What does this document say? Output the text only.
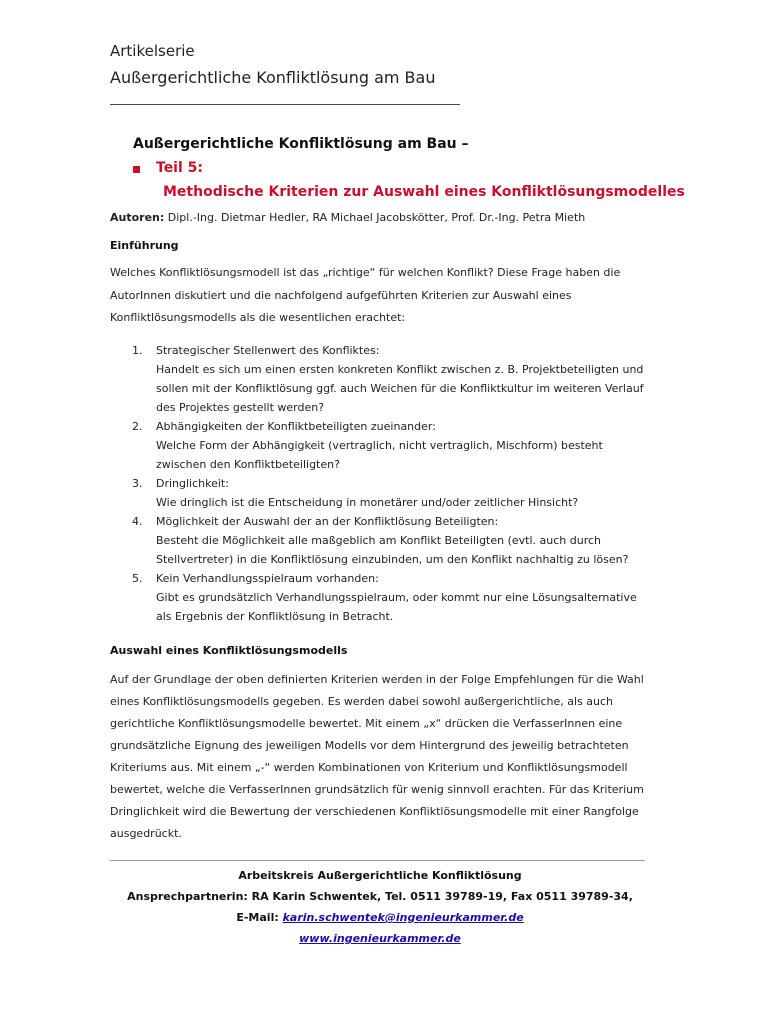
Artikelserie
Außergerichtliche Konfliktlösung am Bau
Außergerichtliche Konfliktlösung am Bau –
Teil 5:
Methodische Kriterien zur Auswahl eines Konfliktlösungsmodelles
Autoren: Dipl.-Ing. Dietmar Hedler, RA Michael Jacobskötter, Prof. Dr.-Ing. Petra Mieth
Einführung
Welches Konfliktlösungsmodell ist das „richtige“ für welchen Konflikt? Diese Frage haben die AutorInnen diskutiert und die nachfolgend aufgeführten Kriterien zur Auswahl eines Konfliktlösungsmodells als die wesentlichen erachtet:
1. Strategischer Stellenwert des Konfliktes:
Handelt es sich um einen ersten konkreten Konflikt zwischen z. B. Projektbeteiligten und sollen mit der Konfliktlösung ggf. auch Weichen für die Konfliktkultur im weiteren Verlauf des Projektes gestellt werden?
2. Abhängigkeiten der Konfliktbeteiligten zueinander:
Welche Form der Abhängigkeit (vertraglich, nicht vertraglich, Mischform) besteht zwischen den Konfliktbeteiligten?
3. Dringlichkeit:
Wie dringlich ist die Entscheidung in monetärer und/oder zeitlicher Hinsicht?
4. Möglichkeit der Auswahl der an der Konfliktlösung Beteiligten:
Besteht die Möglichkeit alle maßgeblich am Konflikt Beteiligten (evtl. auch durch Stellvertreter) in die Konfliktlösung einzubinden, um den Konflikt nachhaltig zu lösen?
5. Kein Verhandlungsspielraum vorhanden:
Gibt es grundsätzlich Verhandlungsspielraum, oder kommt nur eine Lösungsalternative als Ergebnis der Konfliktlösung in Betracht.
Auswahl eines Konfliktlösungsmodells
Auf der Grundlage der oben definierten Kriterien werden in der Folge Empfehlungen für die Wahl eines Konfliktlösungsmodells gegeben. Es werden dabei sowohl außergerichtliche, als auch gerichtliche Konfliktlösungsmodelle bewertet. Mit einem „x“ drücken die VerfasserInnen eine grundsätzliche Eignung des jeweiligen Modells vor dem Hintergrund des jeweilig betrachteten Kriteriums aus. Mit einem „-“ werden Kombinationen von Kriterium und Konfliktlösungsmodell bewertet, welche die VerfasserInnen grundsätzlich für wenig sinnvoll erachten. Für das Kriterium Dringlichkeit wird die Bewertung der verschiedenen Konfliktlösungsmodelle mit einer Rangfolge ausgedrückt.
Arbeitskreis Außergerichtliche Konfliktlösung
Ansprechpartnerin: RA Karin Schwentek, Tel. 0511 39789-19, Fax 0511 39789-34,
E-Mail: karin.schwentek@ingenieurkammer.de
www.ingenieurkammer.de
